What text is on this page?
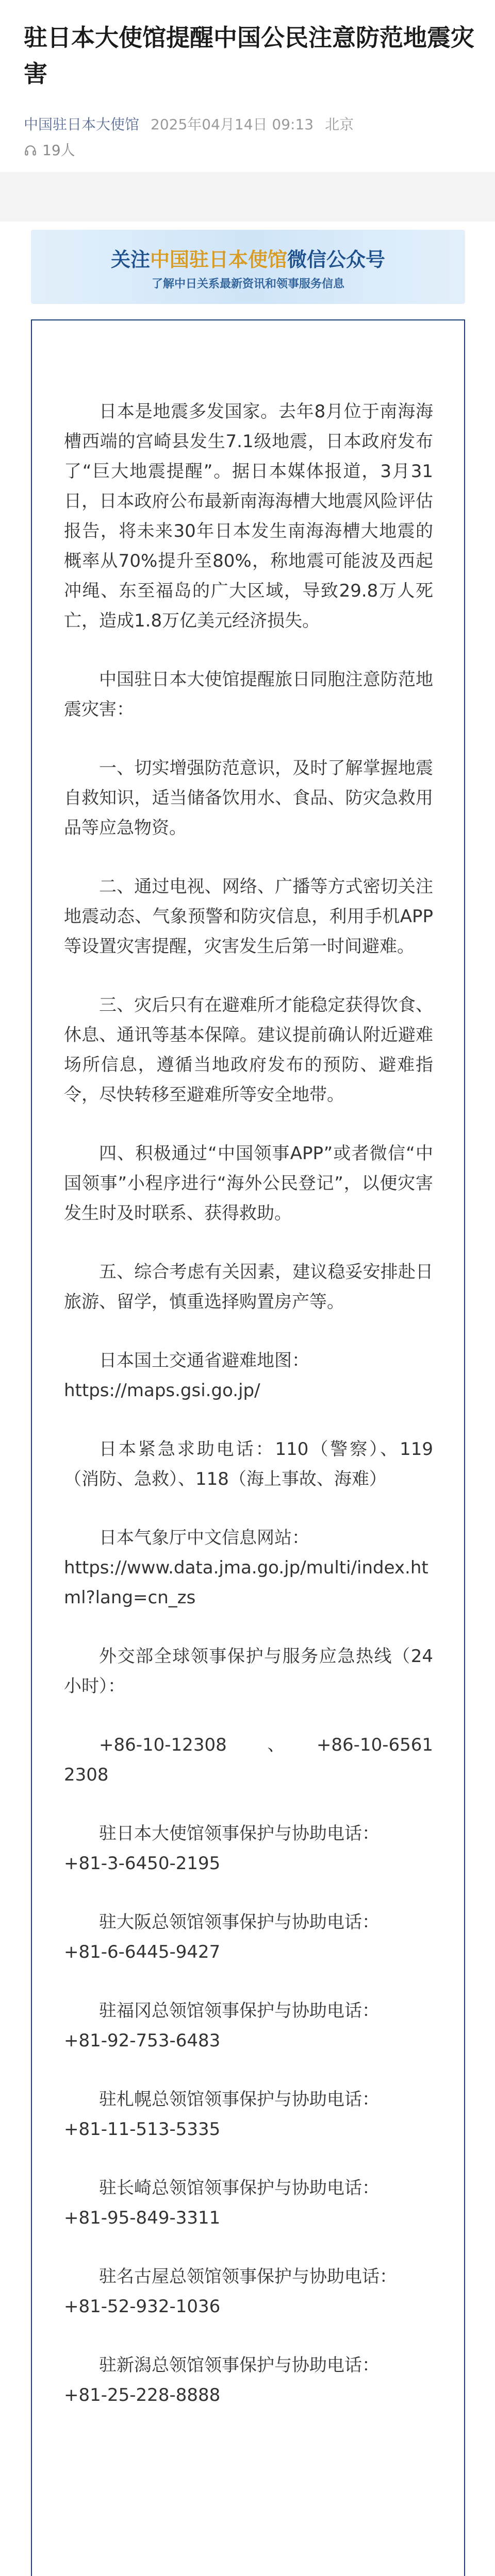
驻日本大使馆提醒中国公民注意防范地震灾害
中国驻日本大使馆 2025年04月14日 09:13 北京
19人
关注中国驻日本使馆微信公众号
了解中日关系最新资讯和领事服务信息

日本是地震多发国家。去年8月位于南海海槽西端的宫崎县发生7.1级地震，日本政府发布了“巨大地震提醒”。据日本媒体报道，3月31日，日本政府公布最新南海海槽大地震风险评估报告，将未来30年日本发生南海海槽大地震的概率从70%提升至80%，称地震可能波及西起冲绳、东至福岛的广大区域，导致29.8万人死亡，造成1.8万亿美元经济损失。

中国驻日本大使馆提醒旅日同胞注意防范地震灾害：

一、切实增强防范意识，及时了解掌握地震自救知识，适当储备饮用水、食品、防灾急救用品等应急物资。

二、通过电视、网络、广播等方式密切关注地震动态、气象预警和防灾信息，利用手机APP等设置灾害提醒，灾害发生后第一时间避难。

三、灾后只有在避难所才能稳定获得饮食、休息、通讯等基本保障。建议提前确认附近避难场所信息，遵循当地政府发布的预防、避难指令，尽快转移至避难所等安全地带。

四、积极通过“中国领事APP”或者微信“中国领事”小程序进行“海外公民登记”，以便灾害发生时及时联系、获得救助。

五、综合考虑有关因素，建议稳妥安排赴日旅游、留学，慎重选择购置房产等。

日本国土交通省避难地图：
https://maps.gsi.go.jp/

日本紧急求助电话：110（警察）、119（消防、急救）、118（海上事故、海难）

日本气象厅中文信息网站：
https://www.data.jma.go.jp/multi/index.html?lang=cn_zs

外交部全球领事保护与服务应急热线（24小时）：

+86-10-12308　　、　　+86-10-65612308

驻日本大使馆领事保护与协助电话：
+81-3-6450-2195

驻大阪总领馆领事保护与协助电话：
+81-6-6445-9427

驻福冈总领馆领事保护与协助电话：
+81-92-753-6483

驻札幌总领馆领事保护与协助电话：
+81-11-513-5335

驻长崎总领馆领事保护与协助电话：
+81-95-849-3311

驻名古屋总领馆领事保护与协助电话：
+81-52-932-1036

驻新潟总领馆领事保护与协助电话：
+81-25-228-8888
